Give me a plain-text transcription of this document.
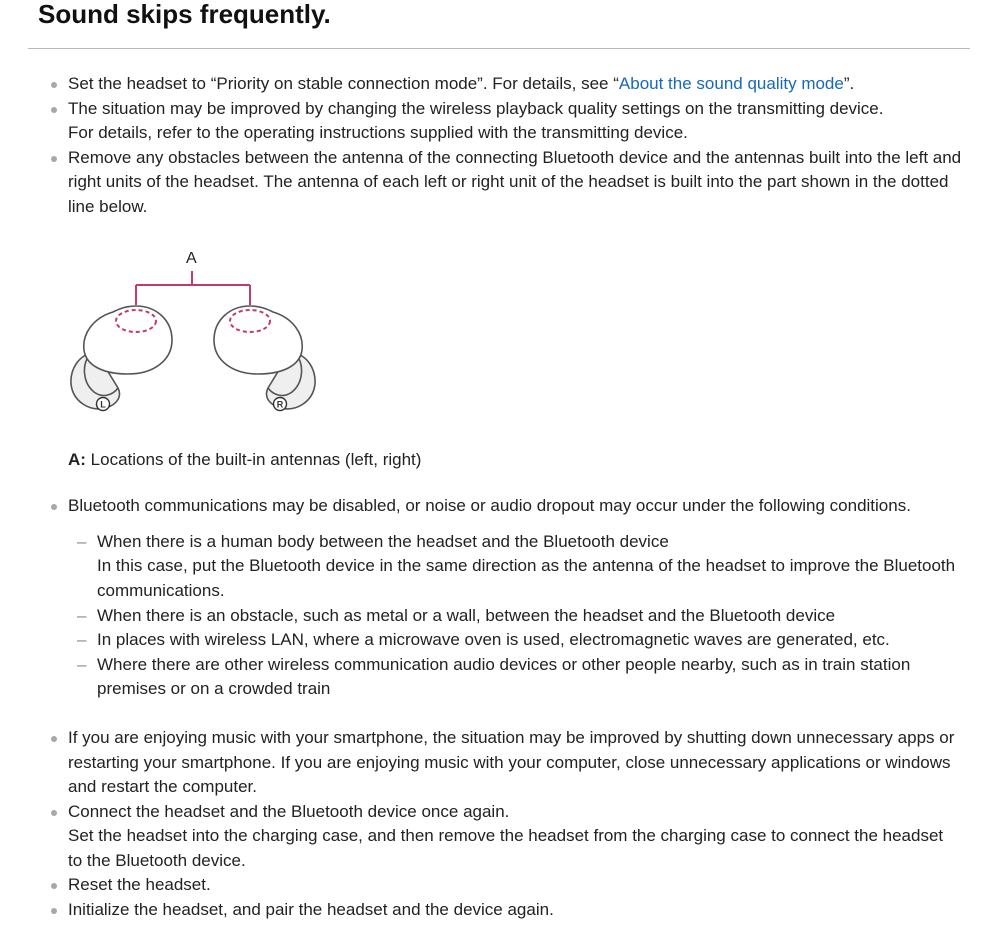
Sound skips frequently.
Set the headset to “Priority on stable connection mode”. For details, see “About the sound quality mode”.
The situation may be improved by changing the wireless playback quality settings on the transmitting device.
For details, refer to the operating instructions supplied with the transmitting device.
Remove any obstacles between the antenna of the connecting Bluetooth device and the antennas built into the left and right units of the headset. The antenna of each left or right unit of the headset is built into the part shown in the dotted line below.
A
L	R
A: Locations of the built-in antennas (left, right)
Bluetooth communications may be disabled, or noise or audio dropout may occur under the following conditions.
– When there is a human body between the headset and the Bluetooth device
In this case, put the Bluetooth device in the same direction as the antenna of the headset to improve the Bluetooth communications.
– When there is an obstacle, such as metal or a wall, between the headset and the Bluetooth device
– In places with wireless LAN, where a microwave oven is used, electromagnetic waves are generated, etc.
– Where there are other wireless communication audio devices or other people nearby, such as in train station premises or on a crowded train
If you are enjoying music with your smartphone, the situation may be improved by shutting down unnecessary apps or restarting your smartphone. If you are enjoying music with your computer, close unnecessary applications or windows and restart the computer.
Connect the headset and the Bluetooth device once again.
Set the headset into the charging case, and then remove the headset from the charging case to connect the headset to the Bluetooth device.
Reset the headset.
Initialize the headset, and pair the headset and the device again.
